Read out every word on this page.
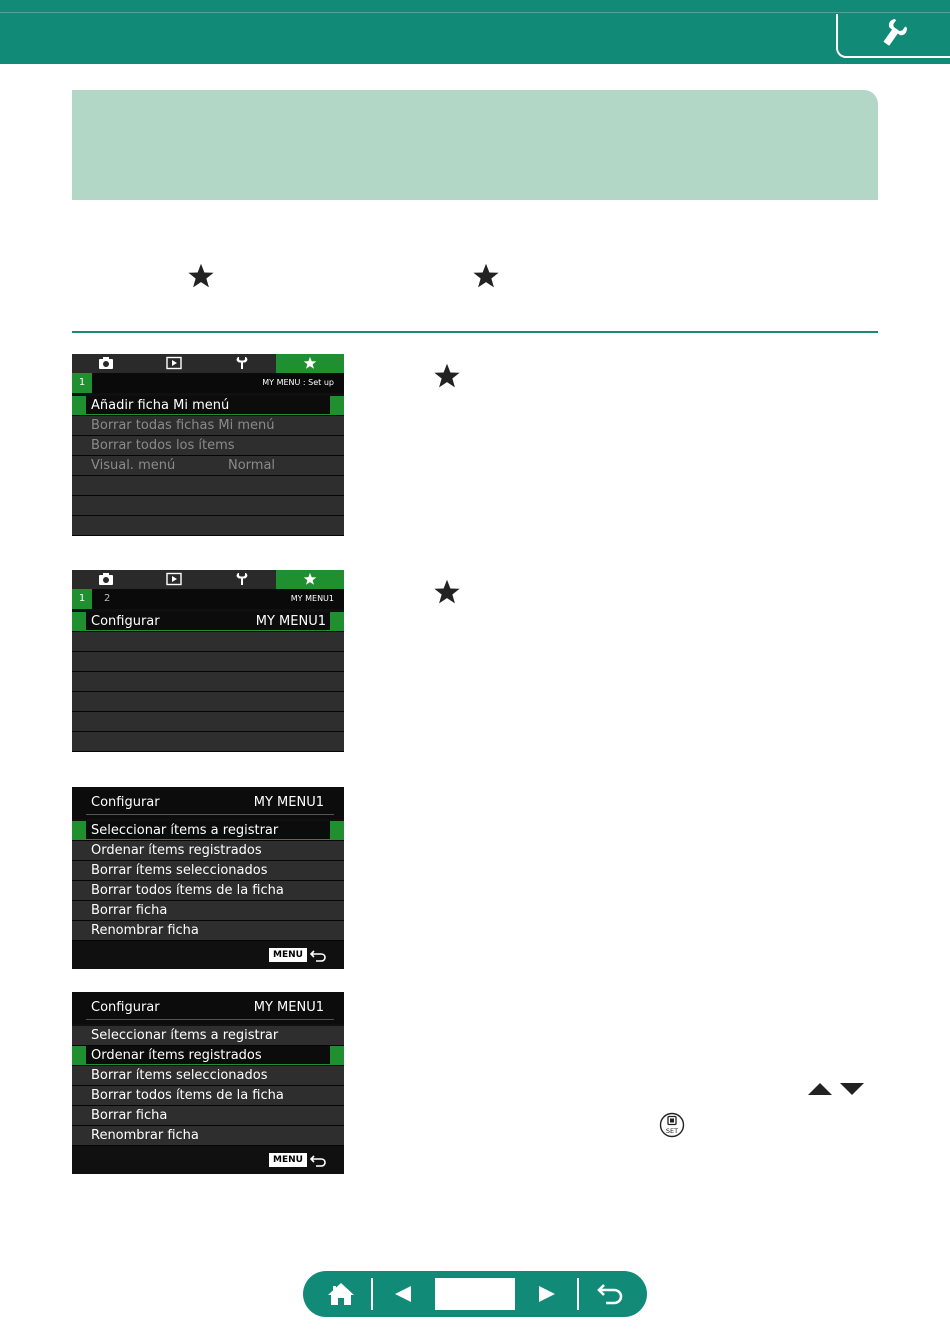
1	MY MENU : Set up
Añadir ficha Mi menú
Borrar todas fichas Mi menú
Borrar todos los ítems
Visual. menú	Normal
1	2	MY MENU1
Configurar	MY MENU1
Configurar	MY MENU1
Seleccionar ítems a registrar
Ordenar ítems registrados
Borrar ítems seleccionados
Borrar todos ítems de la ficha
Borrar ficha
Renombrar ficha
MENU
Configurar	MY MENU1
Seleccionar ítems a registrar
Ordenar ítems registrados
Borrar ítems seleccionados
Borrar todos ítems de la ficha
Borrar ficha
Renombrar ficha
MENU
SET
